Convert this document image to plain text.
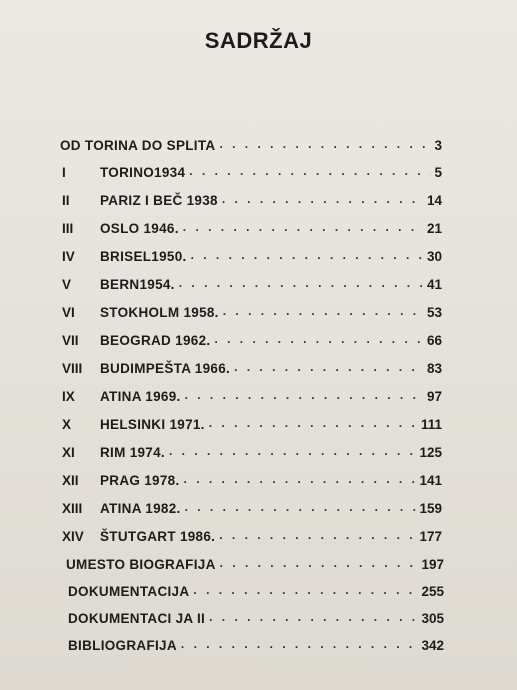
SADRŽAJ
OD TORINA DO SPLITA . . .	3
I	TORINO1934 . . .	5
II	PARIZ I BEČ 1938 . . .	14
III	OSLO 1946. . . .	21
IV	BRISEL1950. . . .	30
V	BERN1954. . . .	41
VI	STOKHOLM 1958. . . .	53
VII	BEOGRAD 1962. . . .	66
VIII	BUDIMPEŠTA 1966. . . .	83
IX	ATINA 1969. . . .	97
X	HELSINKI 1971. . . .	111
XI	RIM 1974. . . .	125
XII	PRAG 1978. . . .	141
XIII	ATINA 1982. . . .	159
XIV	ŠTUTGART 1986. . . .	177
UMESTO BIOGRAFIJA . . .	197
DOKUMENTACIJA . . .	255
DOKUMENTACI JA II . . .	305
BIBLIOGRAFIJA . . .	342
